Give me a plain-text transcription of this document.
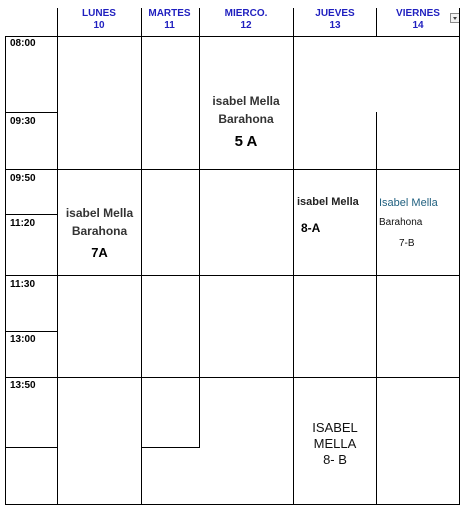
LUNES
10
MARTES
11
MIERCO.
12
JUEVES
13
VIERNES
14
08:00
09:30
09:50
11:20
11:30
13:00
13:50
isabel Mella
Barahona
5 A
isabel Mella
Barahona
7A
isabel Mella
8-A
Isabel Mella
Barahona
7-B
ISABEL
MELLA
8- B
